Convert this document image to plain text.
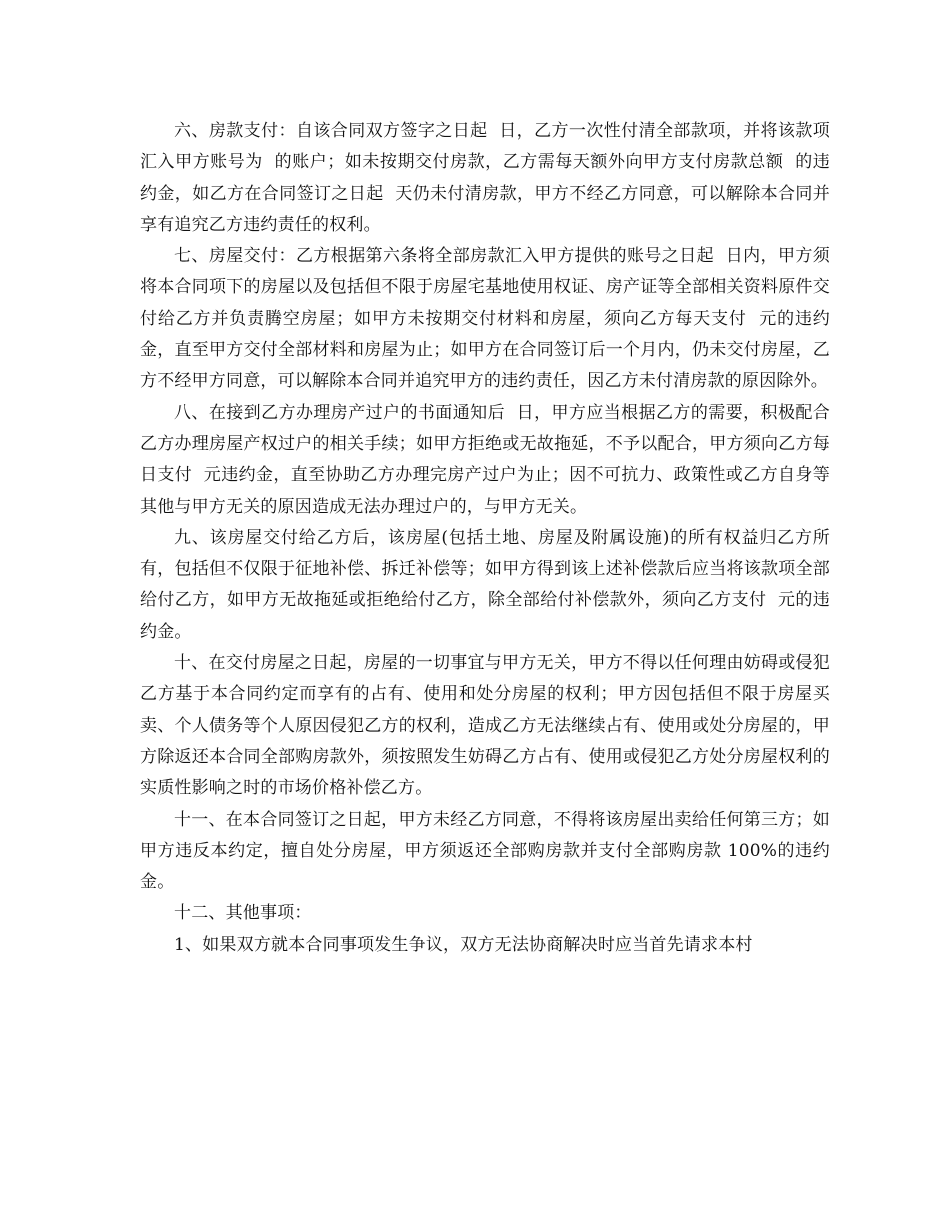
六、房款支付：自该合同双方签字之日起  日，乙方一次性付清全部款项，并将该款项汇入甲方账号为  的账户；如未按期交付房款，乙方需每天额外向甲方支付房款总额  的违约金，如乙方在合同签订之日起  天仍未付清房款，甲方不经乙方同意，可以解除本合同并享有追究乙方违约责任的权利。

七、房屋交付：乙方根据第六条将全部房款汇入甲方提供的账号之日起  日内，甲方须将本合同项下的房屋以及包括但不限于房屋宅基地使用权证、房产证等全部相关资料原件交付给乙方并负责腾空房屋；如甲方未按期交付材料和房屋，须向乙方每天支付  元的违约金，直至甲方交付全部材料和房屋为止；如甲方在合同签订后一个月内，仍未交付房屋，乙方不经甲方同意，可以解除本合同并追究甲方的违约责任，因乙方未付清房款的原因除外。

八、在接到乙方办理房产过户的书面通知后  日，甲方应当根据乙方的需要，积极配合乙方办理房屋产权过户的相关手续；如甲方拒绝或无故拖延，不予以配合，甲方须向乙方每日支付  元违约金，直至协助乙方办理完房产过户为止；因不可抗力、政策性或乙方自身等其他与甲方无关的原因造成无法办理过户的，与甲方无关。

九、该房屋交付给乙方后，该房屋(包括土地、房屋及附属设施)的所有权益归乙方所有，包括但不仅限于征地补偿、拆迁补偿等；如甲方得到该上述补偿款后应当将该款项全部给付乙方，如甲方无故拖延或拒绝给付乙方，除全部给付补偿款外，须向乙方支付  元的违约金。

十、在交付房屋之日起，房屋的一切事宜与甲方无关，甲方不得以任何理由妨碍或侵犯乙方基于本合同约定而享有的占有、使用和处分房屋的权利；甲方因包括但不限于房屋买卖、个人债务等个人原因侵犯乙方的权利，造成乙方无法继续占有、使用或处分房屋的，甲方除返还本合同全部购房款外，须按照发生妨碍乙方占有、使用或侵犯乙方处分房屋权利的实质性影响之时的市场价格补偿乙方。

十一、在本合同签订之日起，甲方未经乙方同意，不得将该房屋出卖给任何第三方；如甲方违反本约定，擅自处分房屋，甲方须返还全部购房款并支付全部购房款 100%的违约金。

十二、其他事项：

1、如果双方就本合同事项发生争议，双方无法协商解决时应当首先请求本村
